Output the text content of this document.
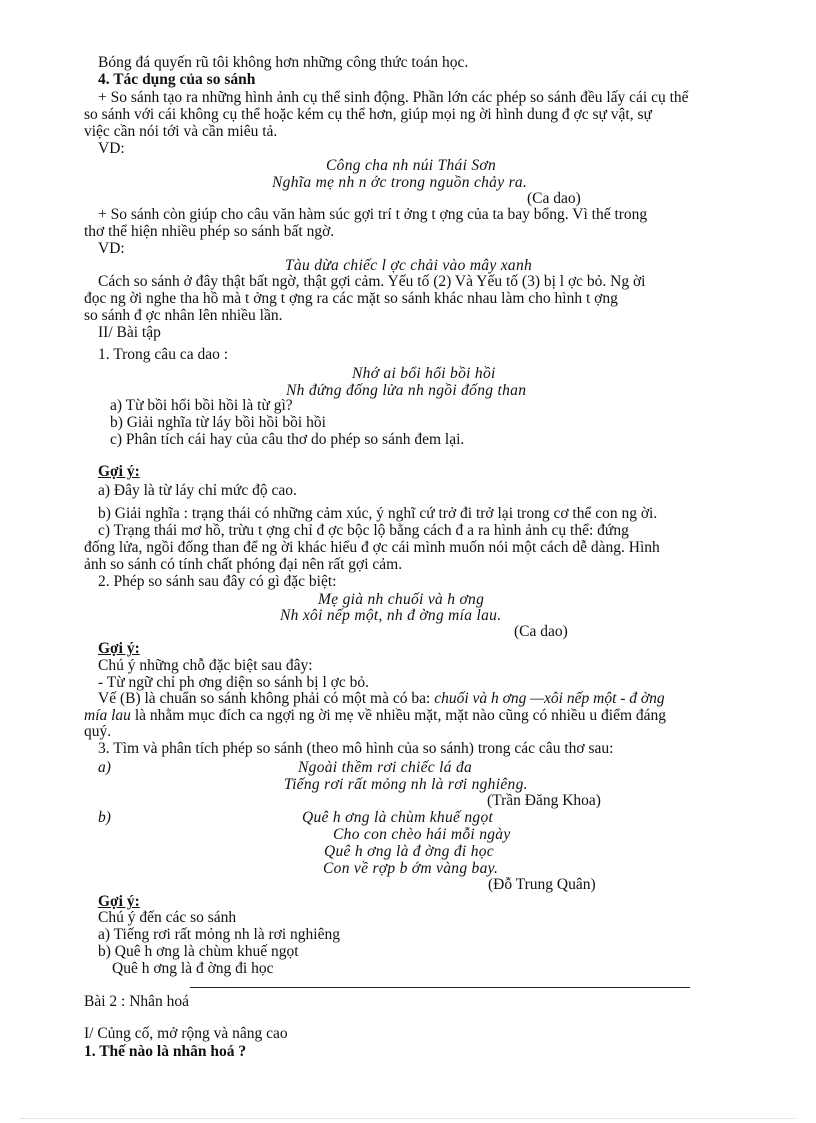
Bóng đá quyến rũ tôi không hơn những công thức toán học.
4. Tác dụng của so sánh
+ So sánh tạo ra những hình ảnh cụ thể sinh động. Phần lớn các phép so sánh đều lấy cái cụ thể
so sánh với cái không cụ thể hoặc kém cụ thể hơn, giúp mọi ng ời hình dung đ ợc sự vật, sự
việc cần nói tới và cần miêu tả.
VD:
Công cha nh núi Thái Sơn
Nghĩa mẹ nh n ớc trong nguồn chảy ra.
(Ca dao)
+ So sánh còn giúp cho câu văn hàm súc gợi trí t ởng t ợng của ta bay bổng. Vì thế trong
thơ thể hiện nhiều phép so sánh bất ngờ.
VD:
Tàu dừa chiếc l ợc chải vào mây xanh
Cách so sánh ở đây thật bất ngờ, thật gợi cảm. Yếu tố (2) Và Yếu tố (3) bị l ợc bỏ. Ng ời
đọc ng ời nghe tha hồ mà t ởng t ợng ra các mặt so sánh khác nhau làm cho hình t ợng
so sánh đ ợc nhân lên nhiều lần.
II/ Bài tập
1. Trong câu ca dao :
Nhớ ai bổi hổi bồi hồi
Nh đứng đống lửa nh ngồi đống than
a) Từ bồi hổi bồi hồi là từ gì?
b) Giải nghĩa từ láy bồi hồi bồi hồi
c) Phân tích cái hay của câu thơ do phép so sánh đem lại.
Gợi ý:
a) Đây là từ láy chỉ mức độ cao.
b) Giải nghĩa : trạng thái có những cảm xúc, ý nghĩ cứ trở đi trở lại trong cơ thể con ng ời.
c) Trạng thái mơ hồ, trừu t ợng chỉ đ ợc bộc lộ bằng cách đ a ra hình ảnh cụ thể: đứng
đống lửa, ngồi đống than để ng ời khác hiểu đ ợc cái mình muốn nói một cách dễ dàng. Hình
ảnh so sánh có tính chất phóng đại nên rất gợi cảm.
2. Phép so sánh sau đây có gì đặc biệt:
Mẹ già nh chuối và h ơng
Nh xôi nếp một, nh đ ờng mía lau.
(Ca dao)
Gợi ý:
Chú ý những chỗ đặc biệt sau đây:
- Từ ngữ chỉ ph ơng diện so sánh bị l ợc bỏ.
Vế (B) là chuẩn so sánh không phải có một mà có ba: chuối và h ơng —xôi nếp một - đ ờng
mía lau là nhằm mục đích ca ngợi ng ời mẹ về nhiều mặt, mặt nào cũng có nhiều u điểm đáng
quý.
3. Tìm và phân tích phép so sánh (theo mô hình của so sánh) trong các câu thơ sau:
a)	Ngoài thềm rơi chiếc lá đa
Tiếng rơi rất mỏng nh là rơi nghiêng.
(Trần Đăng Khoa)
b)	Quê h ơng là chùm khuế ngọt
Cho con chèo hái mỗi ngày
Quê h ơng là đ ờng đi học
Con về rợp b ớm vàng bay.
(Đỗ Trung Quân)
Gợi ý:
Chú ý đến các so sánh
a) Tiếng rơi rất mỏng nh là rơi nghiêng
b) Quê h ơng là chùm khuế ngọt
Quê h ơng là đ ờng đi học
Bài 2 : Nhân hoá
I/ Củng cố, mở rộng và nâng cao
1. Thế nào là nhân hoá ?
